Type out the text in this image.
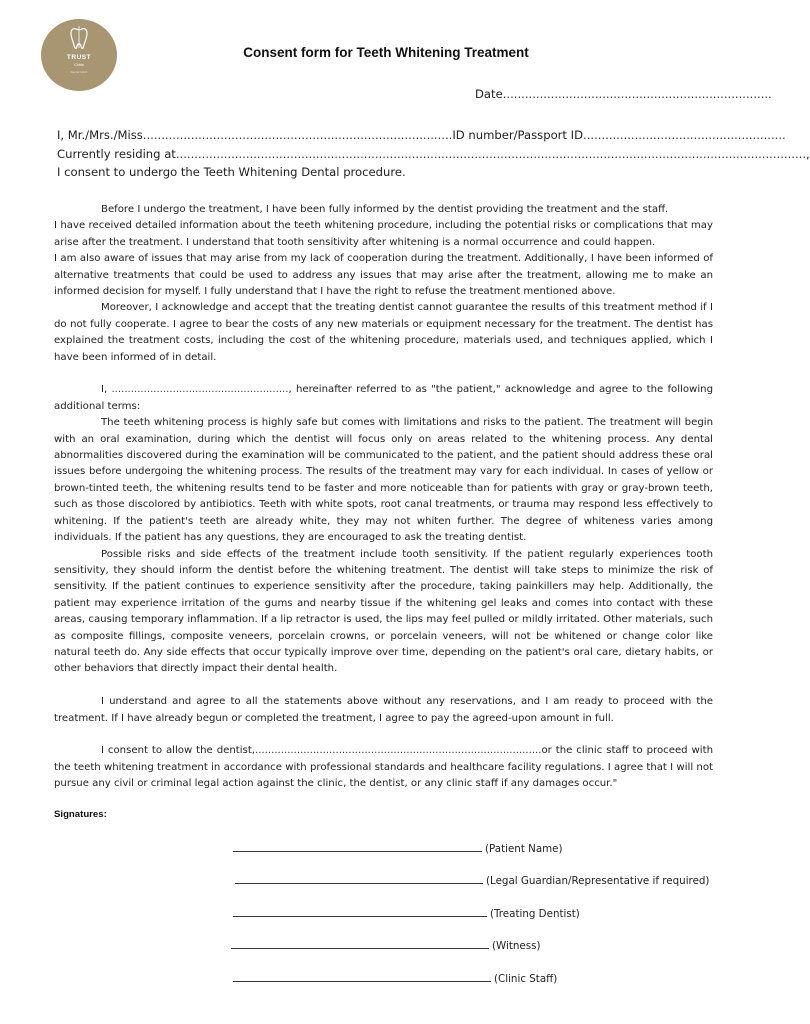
TRUST
Clinic
Dental Clinic
Consent form for Teeth Whitening Treatment
Date.........................................................................
I, Mr./Mrs./Miss....................................................................................ID number/Passport ID.......................................................
Currently residing at...........................................................................................................................................................................,
I consent to undergo the Teeth Whitening Dental procedure.

Before I undergo the treatment, I have been fully informed by the dentist providing the treatment and the staff.

I have received detailed information about the teeth whitening procedure, including the potential risks or complications that may arise after the treatment. I understand that tooth sensitivity after whitening is a normal occurrence and could happen.

I am also aware of issues that may arise from my lack of cooperation during the treatment. Additionally, I have been informed of alternative treatments that could be used to address any issues that may arise after the treatment, allowing me to make an informed decision for myself. I fully understand that I have the right to refuse the treatment mentioned above.

Moreover, I acknowledge and accept that the treating dentist cannot guarantee the results of this treatment method if I do not fully cooperate. I agree to bear the costs of any new materials or equipment necessary for the treatment. The dentist has explained the treatment costs, including the cost of the whitening procedure, materials used, and techniques applied, which I have been informed of in detail.

I, ......................................................., hereinafter referred to as "the patient," acknowledge and agree to the following additional terms:

The teeth whitening process is highly safe but comes with limitations and risks to the patient. The treatment will begin with an oral examination, during which the dentist will focus only on areas related to the whitening process. Any dental abnormalities discovered during the examination will be communicated to the patient, and the patient should address these oral issues before undergoing the whitening process. The results of the treatment may vary for each individual. In cases of yellow or brown-tinted teeth, the whitening results tend to be faster and more noticeable than for patients with gray or gray-brown teeth, such as those discolored by antibiotics. Teeth with white spots, root canal treatments, or trauma may respond less effectively to whitening. If the patient's teeth are already white, they may not whiten further. The degree of whiteness varies among individuals. If the patient has any questions, they are encouraged to ask the treating dentist.

Possible risks and side effects of the treatment include tooth sensitivity. If the patient regularly experiences tooth sensitivity, they should inform the dentist before the whitening treatment. The dentist will take steps to minimize the risk of sensitivity. If the patient continues to experience sensitivity after the procedure, taking painkillers may help. Additionally, the patient may experience irritation of the gums and nearby tissue if the whitening gel leaks and comes into contact with these areas, causing temporary inflammation. If a lip retractor is used, the lips may feel pulled or mildly irritated. Other materials, such as composite fillings, composite veneers, porcelain crowns, or porcelain veneers, will not be whitened or change color like natural teeth do. Any side effects that occur typically improve over time, depending on the patient's oral care, dietary habits, or other behaviors that directly impact their dental health.

I understand and agree to all the statements above without any reservations, and I am ready to proceed with the treatment. If I have already begun or completed the treatment, I agree to pay the agreed-upon amount in full.

I consent to allow the dentist,.........................................................................................or the clinic staff to proceed with the teeth whitening treatment in accordance with professional standards and healthcare facility regulations. I agree that I will not pursue any civil or criminal legal action against the clinic, the dentist, or any clinic staff if any damages occur."

Signatures:
(Patient Name)
(Legal Guardian/Representative if required)
(Treating Dentist)
(Witness)
(Clinic Staff)
